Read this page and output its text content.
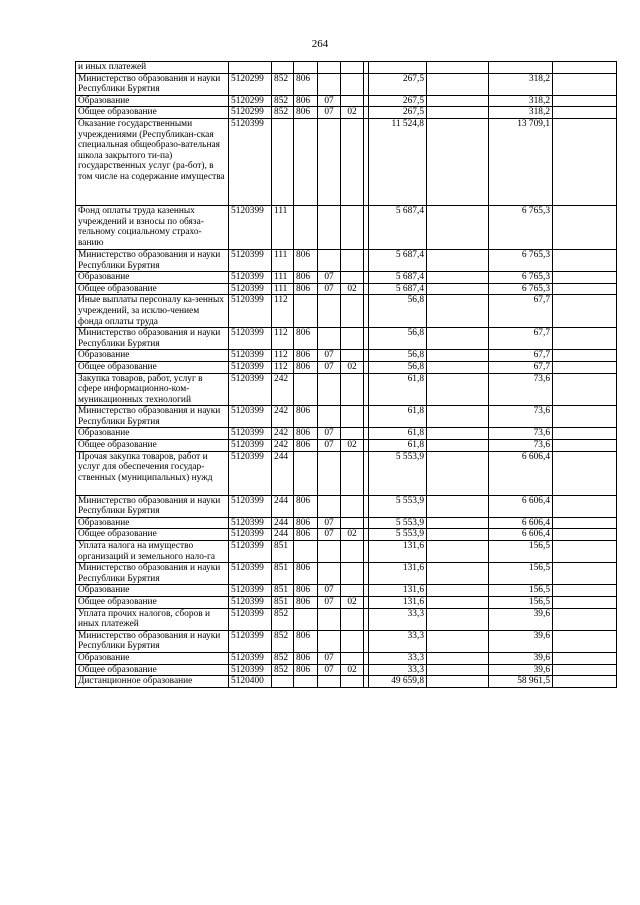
264
и иных платежей										
Министерство образования и науки Республики Бурятия	5120299	852	806				267,5		318,2	
Образование	5120299	852	806	07			267,5		318,2	
Общее образование	5120299	852	806	07	02		267,5		318,2	
Оказание государственными учреждениями (Республикан-ская специальная общеобразо-вательная школа закрытого ти-па) государственных услуг (ра-бот), в том числе на содержание имущества	5120399						11 524,8		13 709,1	
Фонд оплаты труда казенных учреждений и взносы по обяза-тельному социальному страхо-ванию	5120399	111					5 687,4		6 765,3	
Министерство образования и науки Республики Бурятия	5120399	111	806				5 687,4		6 765,3	
Образование	5120399	111	806	07			5 687,4		6 765,3	
Общее образование	5120399	111	806	07	02		5 687,4		6 765,3	
Иные выплаты персоналу ка-зенных учреждений, за исклю-чением фонда оплаты труда	5120399	112					56,8		67,7	
Министерство образования и науки Республики Бурятия	5120399	112	806				56,8		67,7	
Образование	5120399	112	806	07			56,8		67,7	
Общее образование	5120399	112	806	07	02		56,8		67,7	
Закупка товаров, работ, услуг в сфере информационно-ком-муникационных технологий	5120399	242					61,8		73,6	
Министерство образования и науки Республики Бурятия	5120399	242	806				61,8		73,6	
Образование	5120399	242	806	07			61,8		73,6	
Общее образование	5120399	242	806	07	02		61,8		73,6	
Прочая закупка товаров, работ и услуг для обеспечения государ-ственных (муниципальных) нужд	5120399	244					5 553,9		6 606,4	
Министерство образования и науки Республики Бурятия	5120399	244	806				5 553,9		6 606,4	
Образование	5120399	244	806	07			5 553,9		6 606,4	
Общее образование	5120399	244	806	07	02		5 553,9		6 606,4	
Уплата налога на имущество организаций и земельного нало-га	5120399	851					131,6		156,5	
Министерство образования и науки Республики Бурятия	5120399	851	806				131,6		156,5	
Образование	5120399	851	806	07			131,6		156,5	
Общее образование	5120399	851	806	07	02		131,6		156,5	
Уплата прочих налогов, сборов и иных платежей	5120399	852					33,3		39,6	
Министерство образования и науки Республики Бурятия	5120399	852	806				33,3		39,6	
Образование	5120399	852	806	07			33,3		39,6	
Общее образование	5120399	852	806	07	02		33,3		39,6	
Дистанционное образование	5120400						49 659,8		58 961,5	
